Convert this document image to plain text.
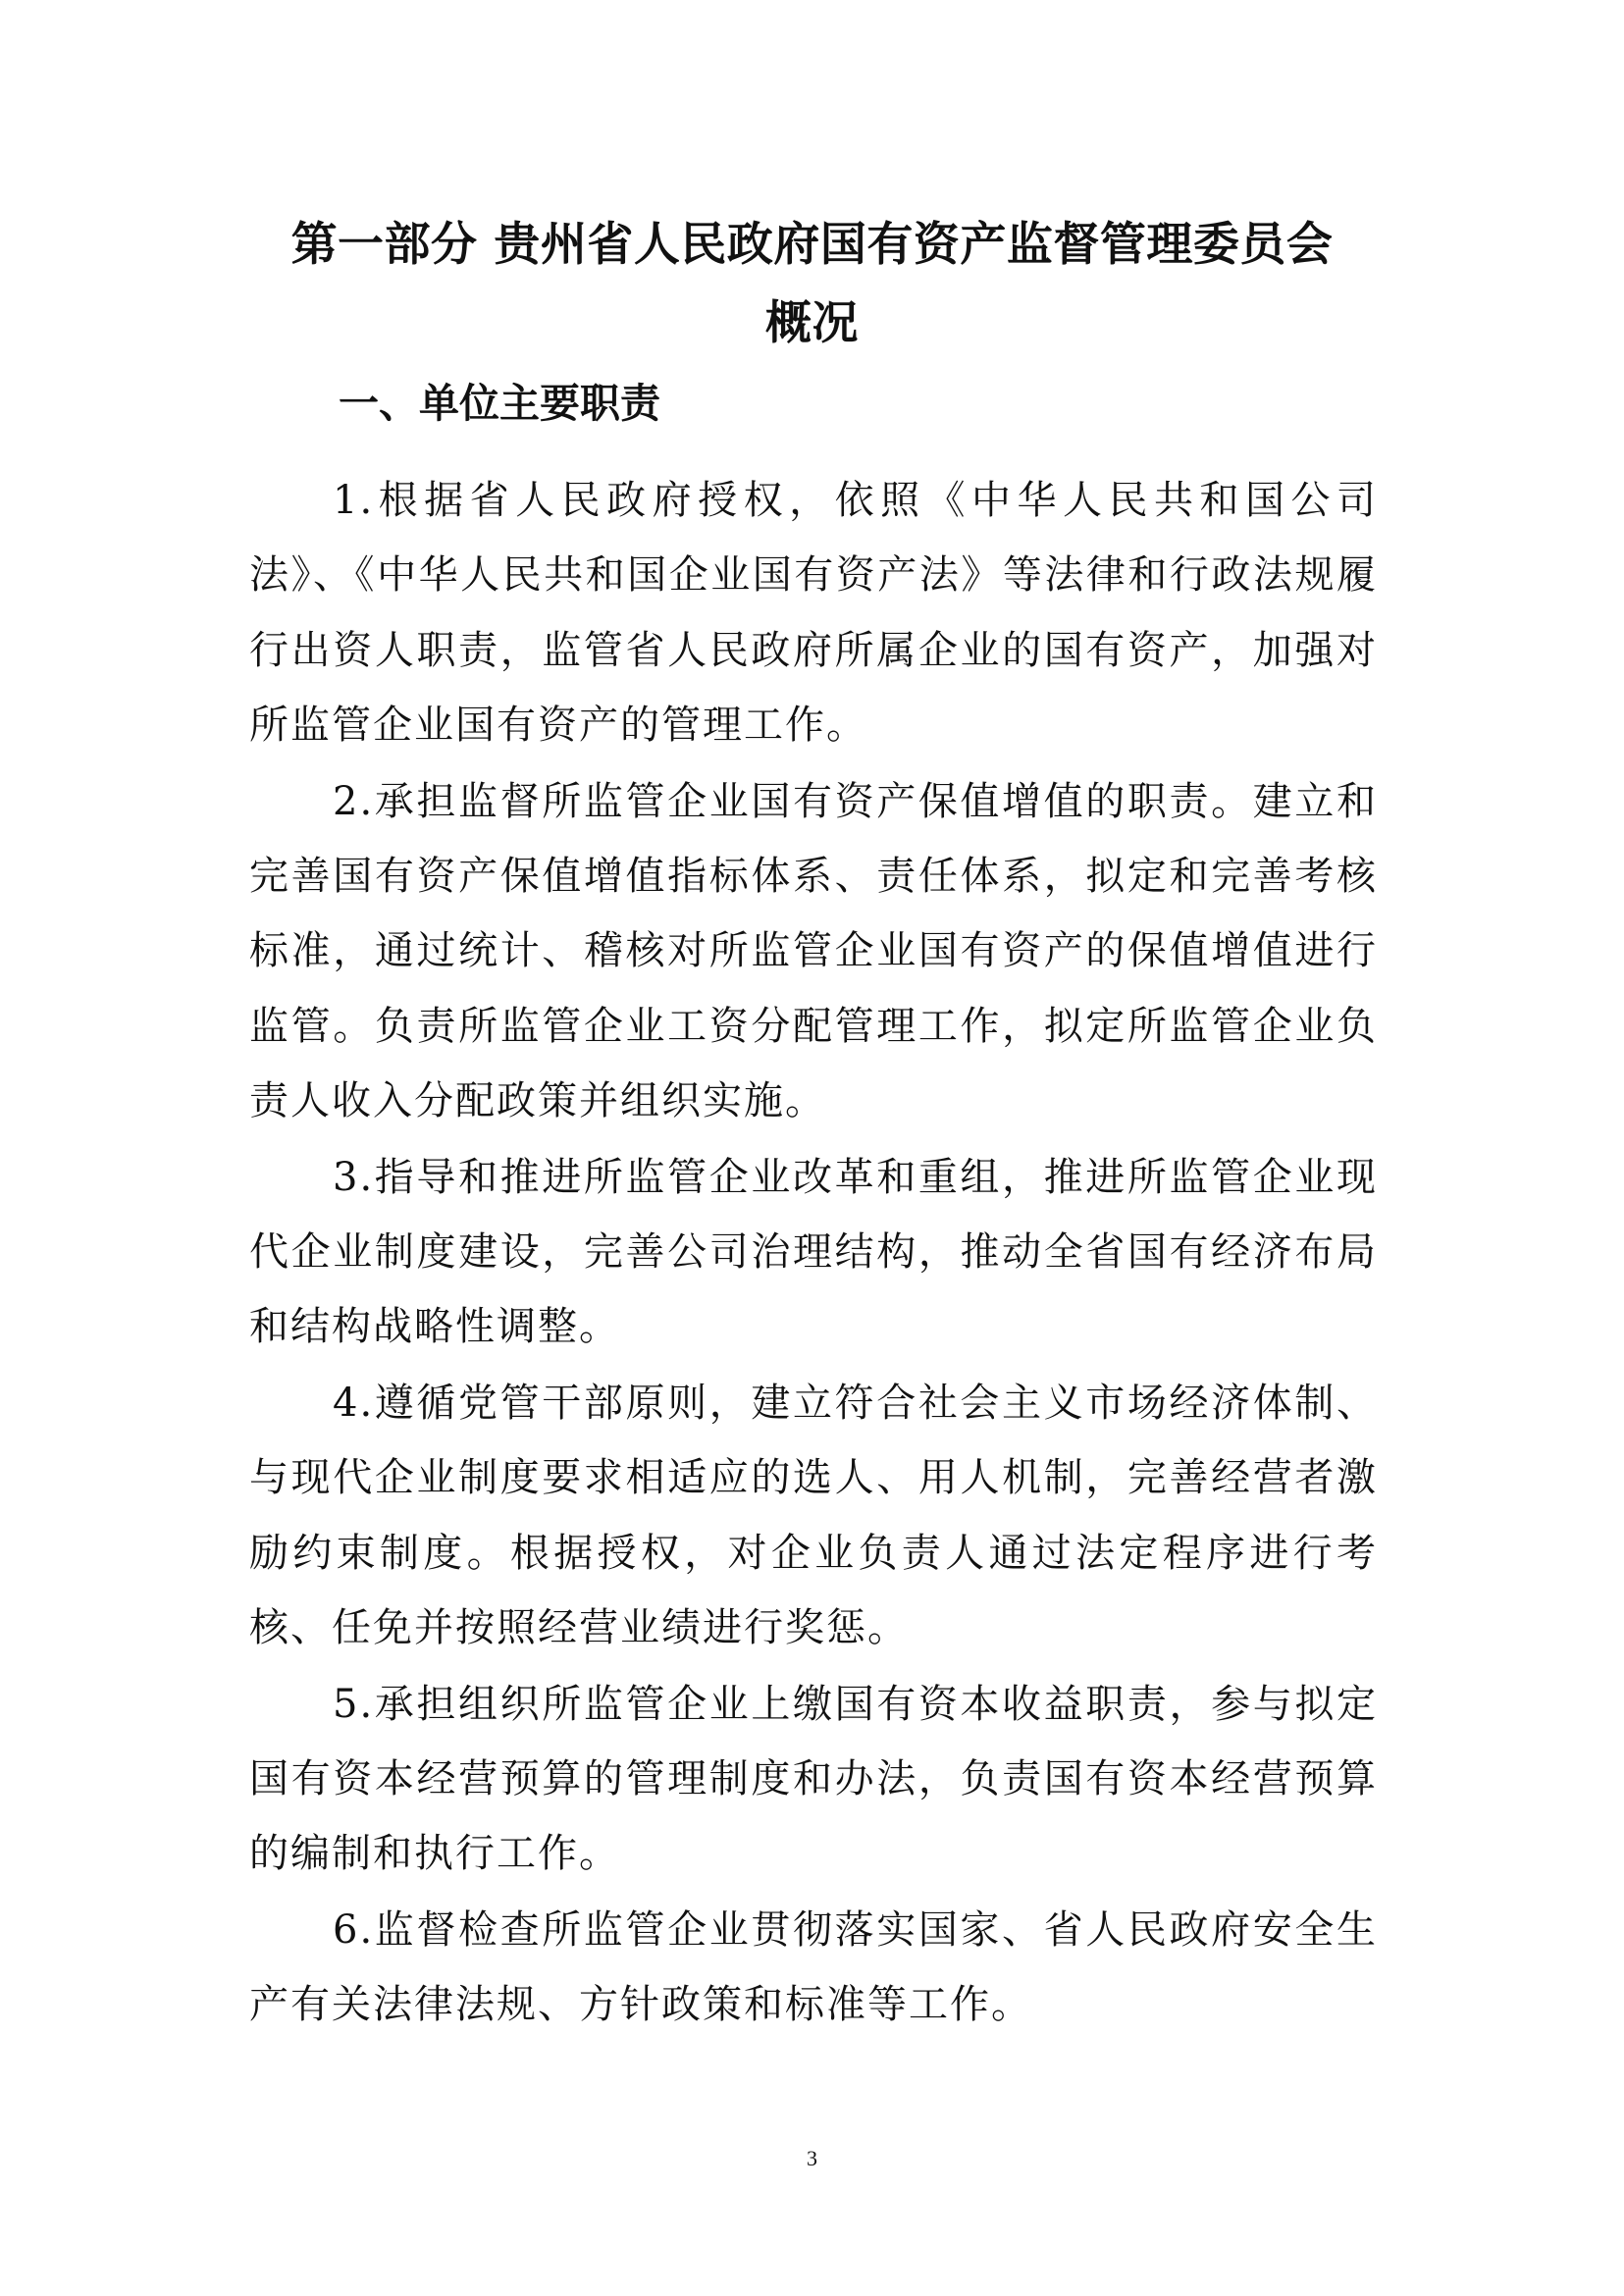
第一部分 贵州省人民政府国有资产监督管理委员会
概况
一、单位主要职责

1.根据省人民政府授权，依照《中华人民共和国公司法》、《中华人民共和国企业国有资产法》等法律和行政法规履行出资人职责，监管省人民政府所属企业的国有资产，加强对所监管企业国有资产的管理工作。

2.承担监督所监管企业国有资产保值增值的职责。建立和完善国有资产保值增值指标体系、责任体系，拟定和完善考核标准，通过统计、稽核对所监管企业国有资产的保值增值进行监管。负责所监管企业工资分配管理工作，拟定所监管企业负责人收入分配政策并组织实施。

3.指导和推进所监管企业改革和重组，推进所监管企业现代企业制度建设，完善公司治理结构，推动全省国有经济布局和结构战略性调整。

4.遵循党管干部原则，建立符合社会主义市场经济体制、与现代企业制度要求相适应的选人、用人机制，完善经营者激励约束制度。根据授权，对企业负责人通过法定程序进行考核、任免并按照经营业绩进行奖惩。

5.承担组织所监管企业上缴国有资本收益职责，参与拟定国有资本经营预算的管理制度和办法，负责国有资本经营预算的编制和执行工作。

6.监督检查所监管企业贯彻落实国家、省人民政府安全生产有关法律法规、方针政策和标准等工作。

3
